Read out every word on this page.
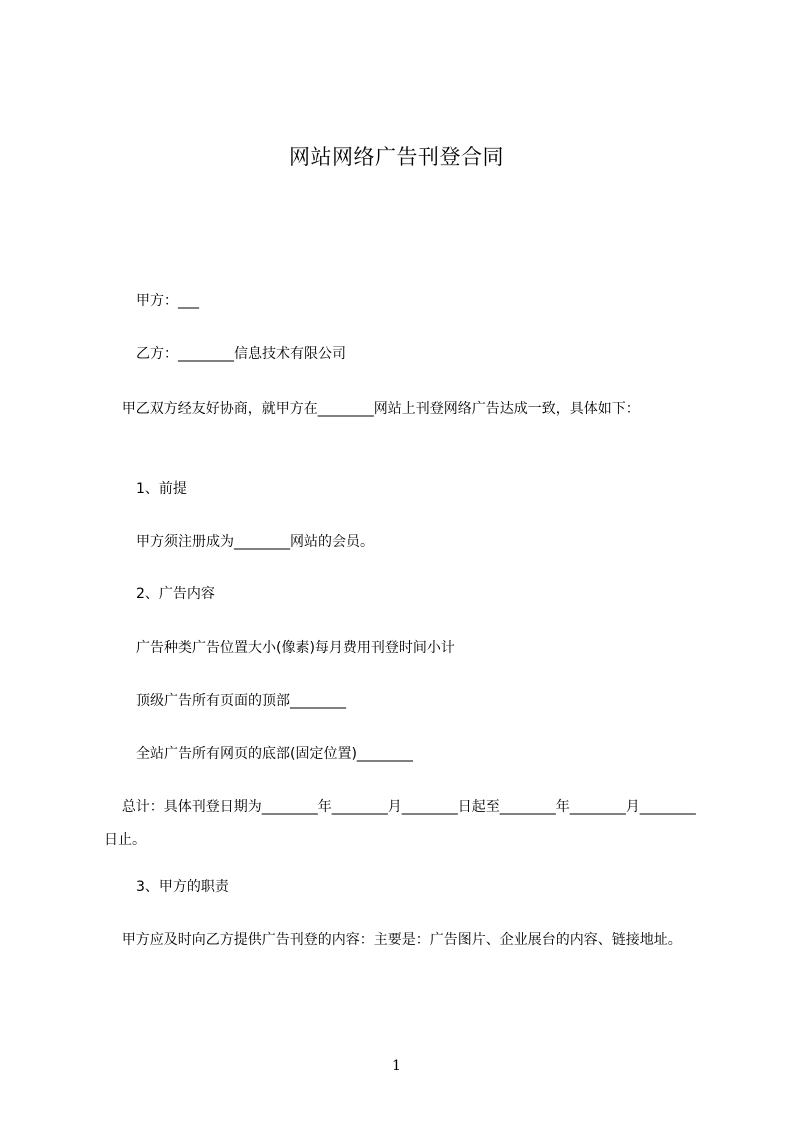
网站网络广告刊登合同
甲方：___
乙方：________信息技术有限公司
甲乙双方经友好协商，就甲方在________网站上刊登网络广告达成一致，具体如下：
1、前提
甲方须注册成为________网站的会员。
2、广告内容
广告种类广告位置大小(像素)每月费用刊登时间小计
顶级广告所有页面的顶部________
全站广告所有网页的底部(固定位置)________
总计：具体刊登日期为________年________月________日起至________年________月________日止。
3、甲方的职责
甲方应及时向乙方提供广告刊登的内容：主要是：广告图片、企业展台的内容、链接地址。
1
